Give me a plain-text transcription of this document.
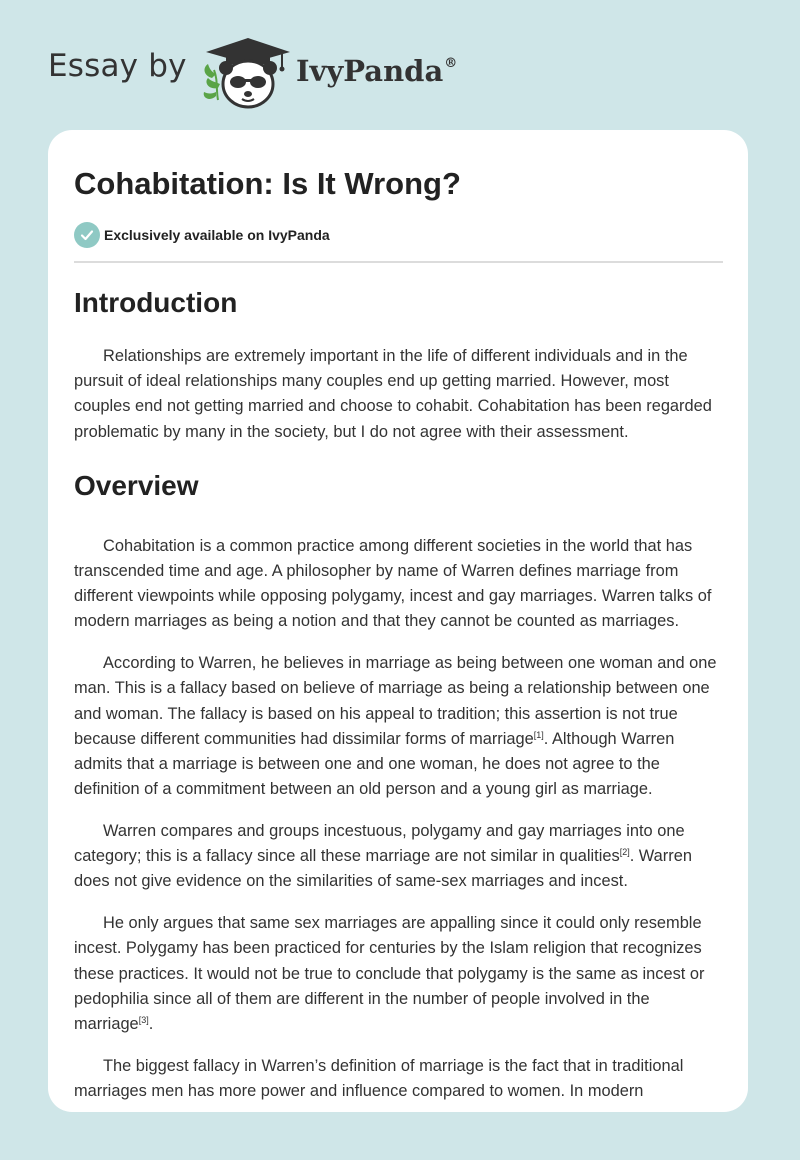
Essay by	IvyPanda®
Cohabitation: Is It Wrong?
Exclusively available on IvyPanda
Introduction

Relationships are extremely important in the life of different individuals and in the pursuit of ideal relationships many couples end up getting married. However, most couples end not getting married and choose to cohabit. Cohabitation has been regarded problematic by many in the society, but I do not agree with their assessment.

Overview

Cohabitation is a common practice among different societies in the world that has transcended time and age. A philosopher by name of Warren defines marriage from different viewpoints while opposing polygamy, incest and gay marriages. Warren talks of modern marriages as being a notion and that they cannot be counted as marriages.

According to Warren, he believes in marriage as being between one woman and one man. This is a fallacy based on believe of marriage as being a relationship between one and woman. The fallacy is based on his appeal to tradition; this assertion is not true because different communities had dissimilar forms of marriage[1]. Although Warren admits that a marriage is between one and one woman, he does not agree to the definition of a commitment between an old person and a young girl as marriage.

Warren compares and groups incestuous, polygamy and gay marriages into one category; this is a fallacy since all these marriage are not similar in qualities[2]. Warren does not give evidence on the similarities of same-sex marriages and incest.

He only argues that same sex marriages are appalling since it could only resemble incest. Polygamy has been practiced for centuries by the Islam religion that recognizes these practices. It would not be true to conclude that polygamy is the same as incest or pedophilia since all of them are different in the number of people involved in the marriage[3].

The biggest fallacy in Warren’s definition of marriage is the fact that in traditional marriages men has more power and influence compared to women. In modern
